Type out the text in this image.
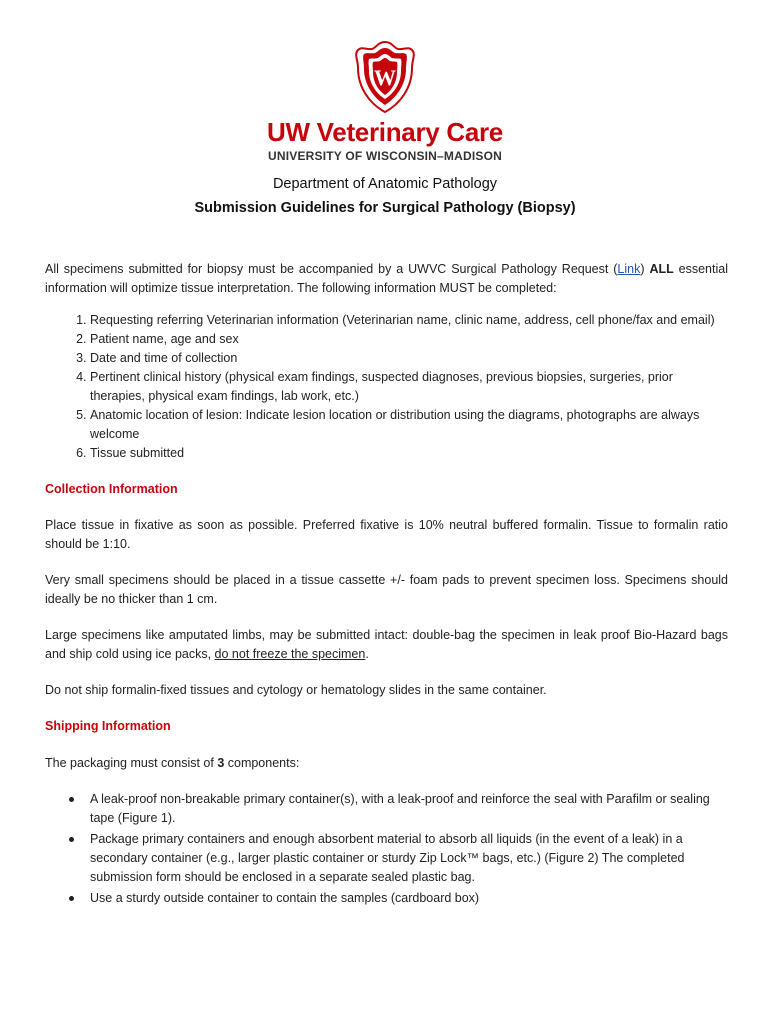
W
UW Veterinary Care
UNIVERSITY OF WISCONSIN–MADISON
Department of Anatomic Pathology
Submission Guidelines for Surgical Pathology (Biopsy)

All specimens submitted for biopsy must be accompanied by a UWVC Surgical Pathology Request (Link) ALL essential information will optimize tissue interpretation. The following information MUST be completed:

1. Requesting referring Veterinarian information (Veterinarian name, clinic name, address, cell phone/fax and email)
2. Patient name, age and sex
3. Date and time of collection
4. Pertinent clinical history (physical exam findings, suspected diagnoses, previous biopsies, surgeries, prior therapies, physical exam findings, lab work, etc.)
5. Anatomic location of lesion: Indicate lesion location or distribution using the diagrams, photographs are always welcome
6. Tissue submitted
Collection Information

Place tissue in fixative as soon as possible. Preferred fixative is 10% neutral buffered formalin. Tissue to formalin ratio should be 1:10.

Very small specimens should be placed in a tissue cassette +/- foam pads to prevent specimen loss. Specimens should ideally be no thicker than 1 cm.

Large specimens like amputated limbs, may be submitted intact: double-bag the specimen in leak proof Bio-Hazard bags and ship cold using ice packs, do not freeze the specimen.

Do not ship formalin-fixed tissues and cytology or hematology slides in the same container.

Shipping Information

The packaging must consist of 3 components:

A leak-proof non-breakable primary container(s), with a leak-proof and reinforce the seal with Parafilm or sealing tape (Figure 1).
Package primary containers and enough absorbent material to absorb all liquids (in the event of a leak) in a secondary container (e.g., larger plastic container or sturdy Zip Lock™ bags, etc.) (Figure 2) The completed submission form should be enclosed in a separate sealed plastic bag.
Use a sturdy outside container to contain the samples (cardboard box)
